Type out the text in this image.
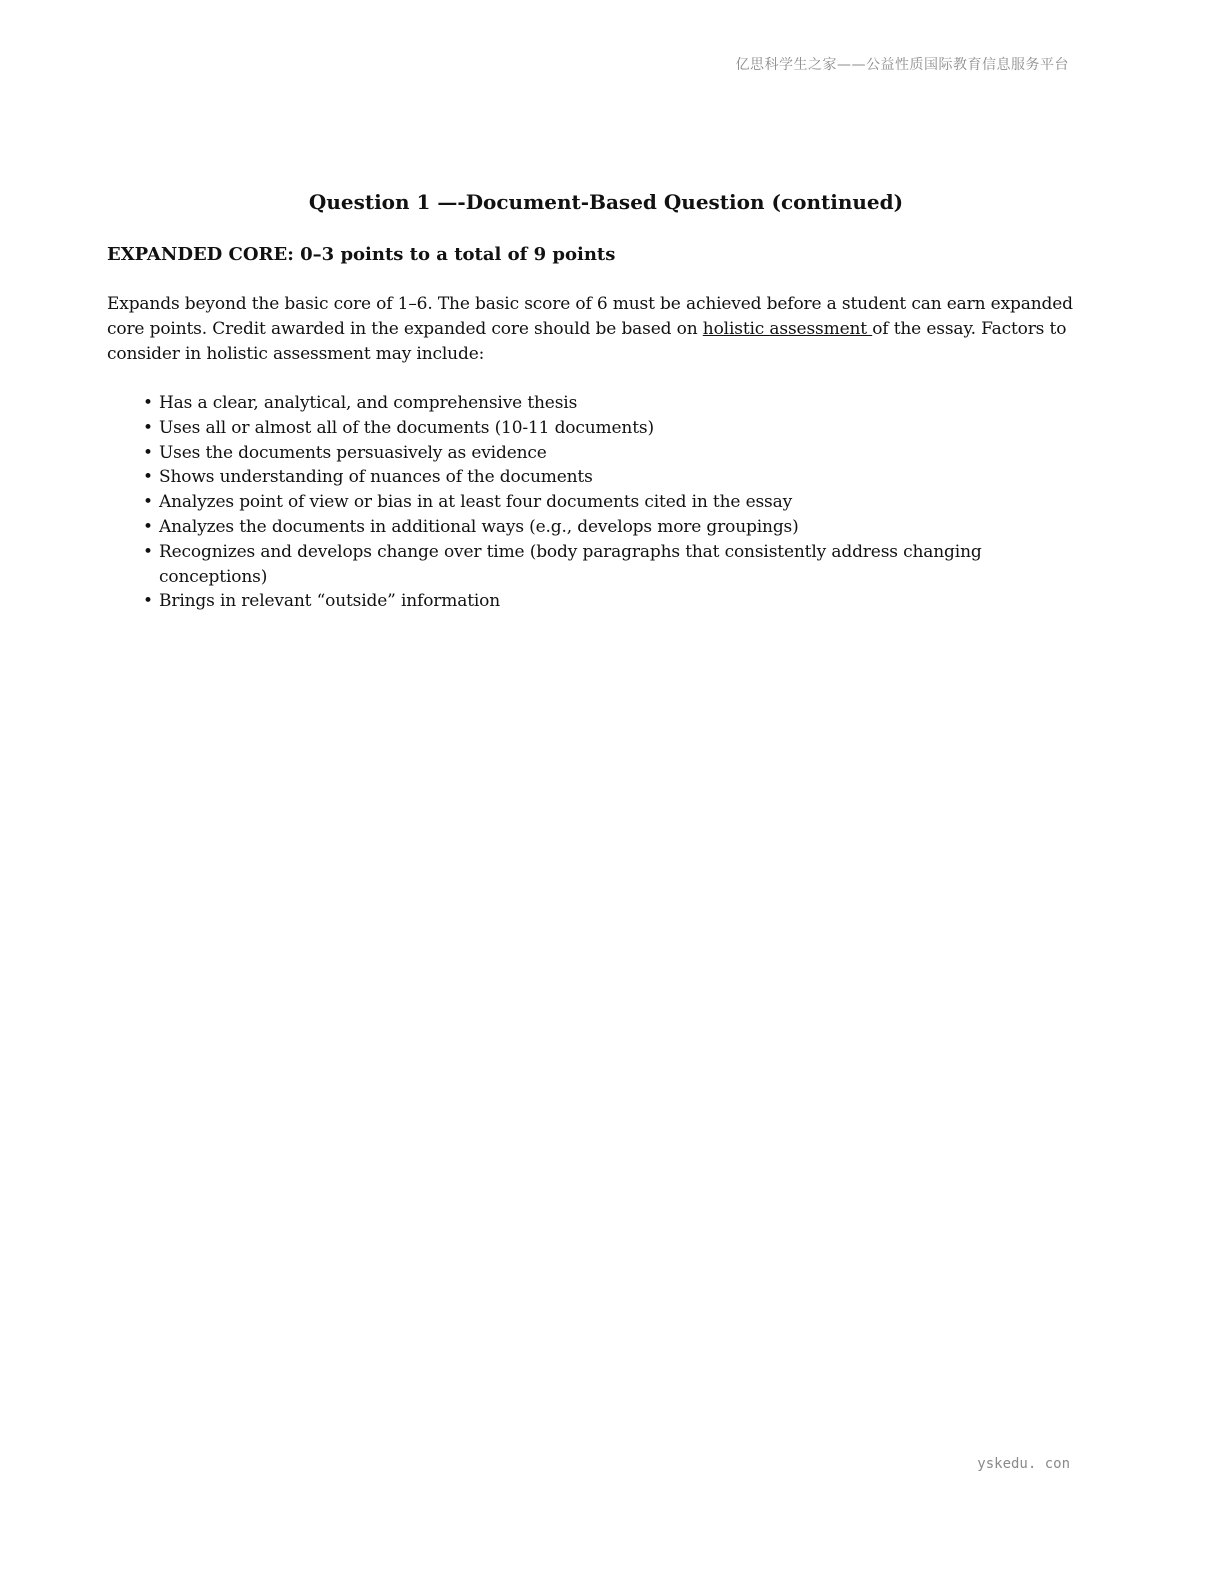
亿思科学生之家——公益性质国际教育信息服务平台
Question 1 —-Document-Based Question (continued)
EXPANDED CORE: 0–3 points to a total of 9 points

Expands beyond the basic core of 1–6. The basic score of 6 must be achieved before a student can earn expanded core points. Credit awarded in the expanded core should be based on holistic assessment of the essay. Factors to consider in holistic assessment may include:

• Has a clear, analytical, and comprehensive thesis
• Uses all or almost all of the documents (10-11 documents)
• Uses the documents persuasively as evidence
• Shows understanding of nuances of the documents
• Analyzes point of view or bias in at least four documents cited in the essay
• Analyzes the documents in additional ways (e.g., develops more groupings)
• Recognizes and develops change over time (body paragraphs that consistently address changing conceptions)
• Brings in relevant “outside” information
yskedu. con
